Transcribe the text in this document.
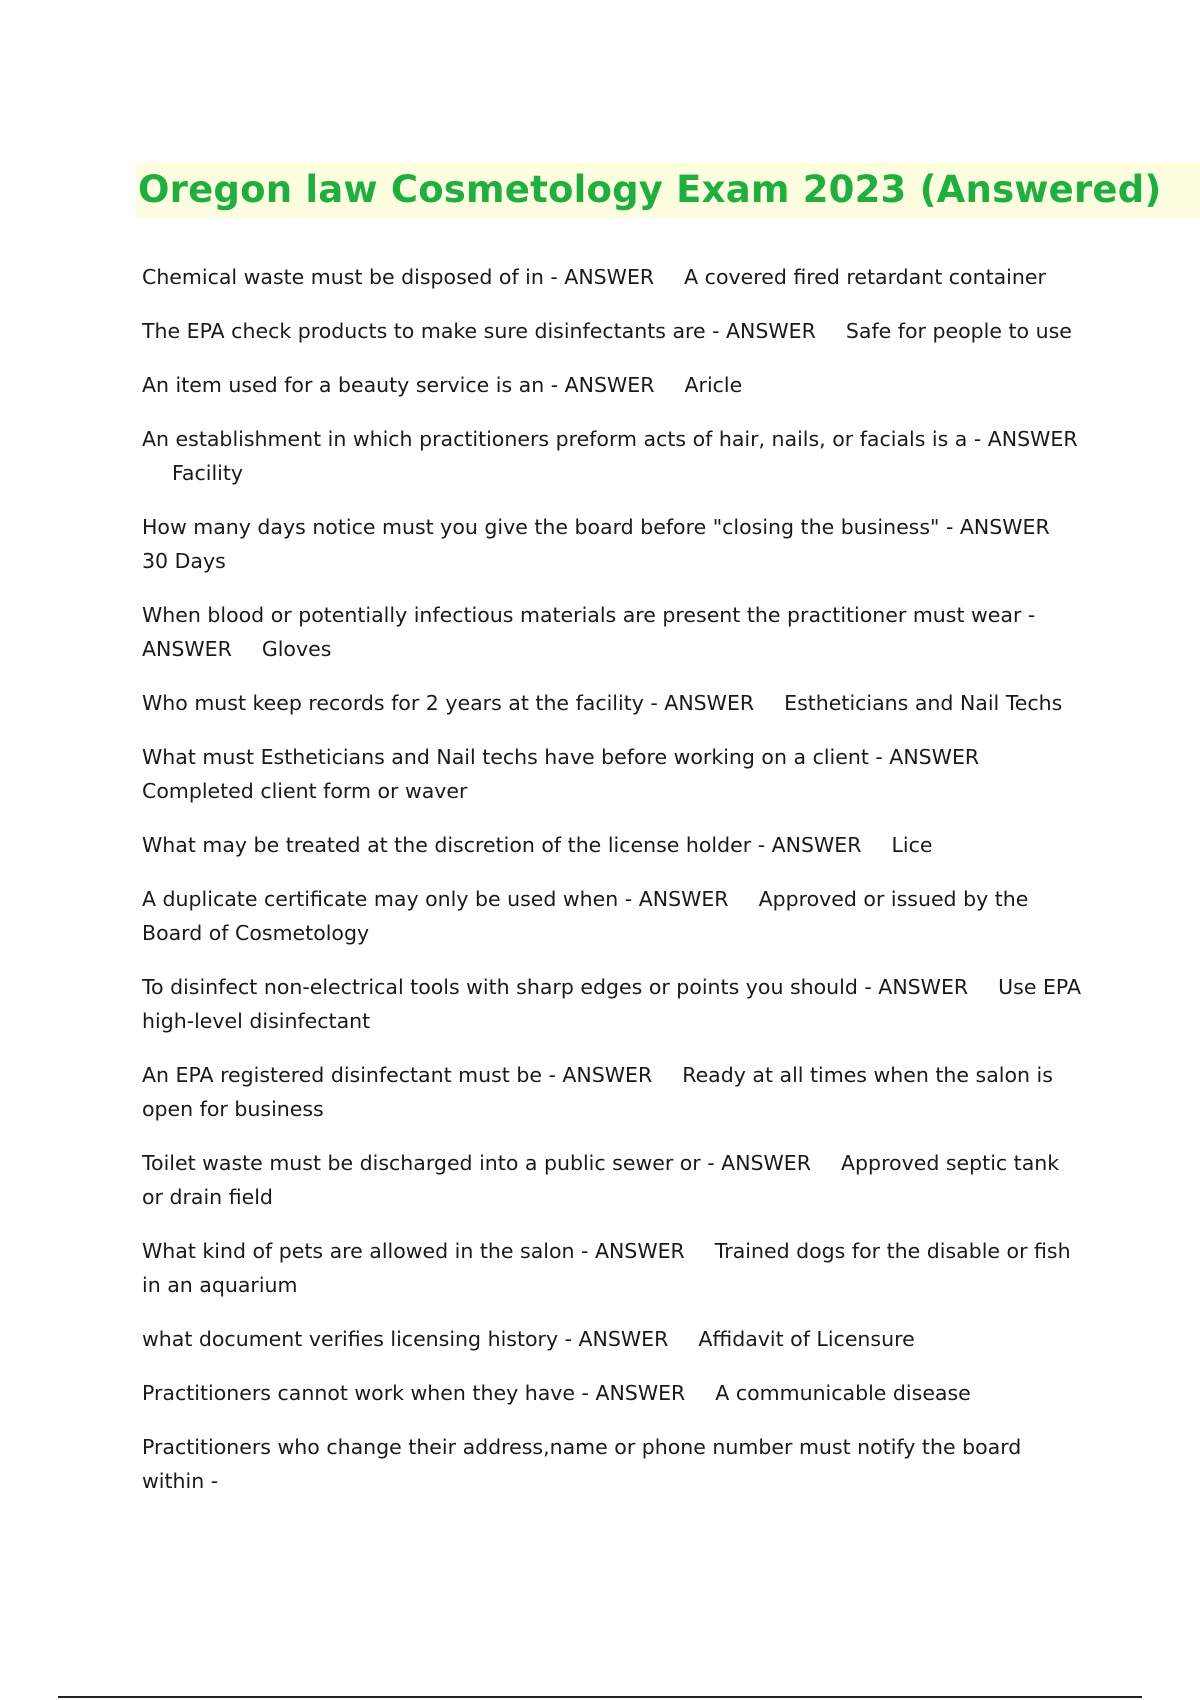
Oregon law Cosmetology Exam 2023 (Answered)
Chemical waste must be disposed of in - ANSWER A covered fired retardant container
The EPA check products to make sure disinfectants are - ANSWER Safe for people to use
An item used for a beauty service is an - ANSWER Aricle
An establishment in which practitioners preform acts of hair, nails, or facials is a - ANSWERFacility
How many days notice must you give the board before "closing the business" - ANSWER30 Days
When blood or potentially infectious materials are present the practitioner must wear - ANSWER Gloves
Who must keep records for 2 years at the facility - ANSWER Estheticians and Nail Techs
What must Estheticians and Nail techs have before working on a client - ANSWERCompleted client form or waver
What may be treated at the discretion of the license holder - ANSWER Lice
A duplicate certificate may only be used when - ANSWER Approved or issued by the Board of Cosmetology
To disinfect non-electrical tools with sharp edges or points you should - ANSWER Use EPA high-level disinfectant
An EPA registered disinfectant must be - ANSWER Ready at all times when the salon is open for business
Toilet waste must be discharged into a public sewer or - ANSWER Approved septic tank or drain field
What kind of pets are allowed in the salon - ANSWER Trained dogs for the disable or fish in an aquarium
what document verifies licensing history - ANSWER Affidavit of Licensure
Practitioners cannot work when they have - ANSWER A communicable disease
Practitioners who change their address,name or phone number must notify the board within -
